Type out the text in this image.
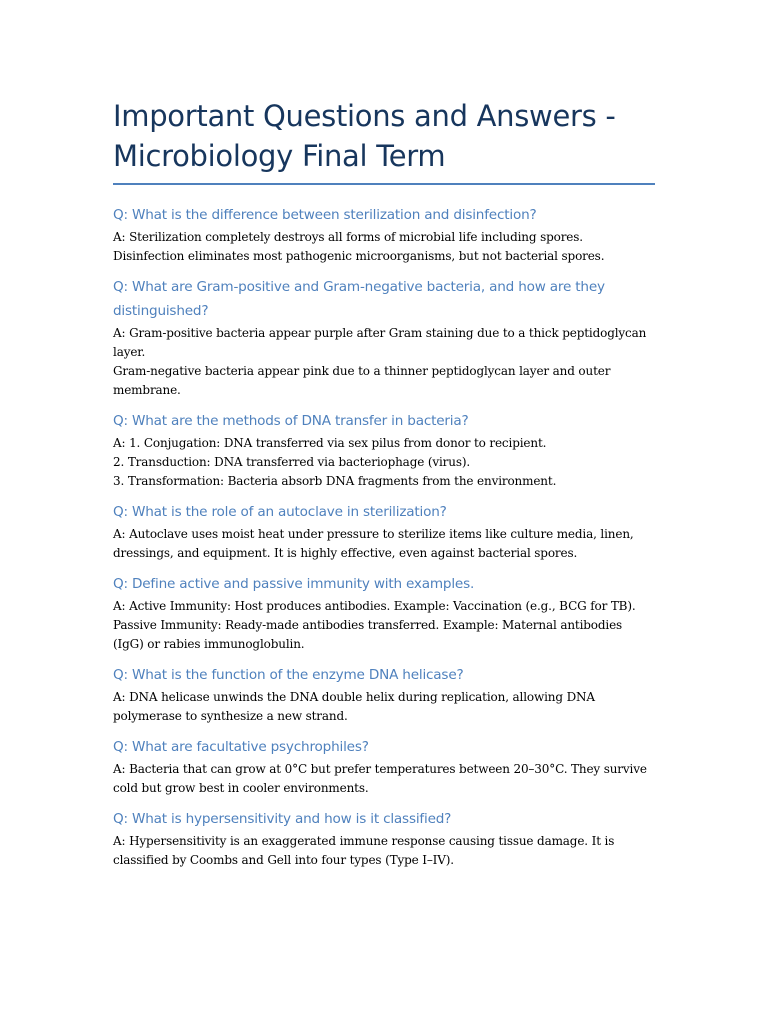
Important Questions and Answers - Microbiology Final Term

Q: What is the difference between sterilization and disinfection?

A: Sterilization completely destroys all forms of microbial life including spores.
Disinfection eliminates most pathogenic microorganisms, but not bacterial spores.

Q: What are Gram-positive and Gram-negative bacteria, and how are they distinguished?

A: Gram-positive bacteria appear purple after Gram staining due to a thick peptidoglycan layer.
Gram-negative bacteria appear pink due to a thinner peptidoglycan layer and outer membrane.

Q: What are the methods of DNA transfer in bacteria?

A: 1. Conjugation: DNA transferred via sex pilus from donor to recipient.
2. Transduction: DNA transferred via bacteriophage (virus).
3. Transformation: Bacteria absorb DNA fragments from the environment.

Q: What is the role of an autoclave in sterilization?

A: Autoclave uses moist heat under pressure to sterilize items like culture media, linen, dressings, and equipment. It is highly effective, even against bacterial spores.

Q: Define active and passive immunity with examples.

A: Active Immunity: Host produces antibodies. Example: Vaccination (e.g., BCG for TB).
Passive Immunity: Ready-made antibodies transferred. Example: Maternal antibodies (IgG) or rabies immunoglobulin.

Q: What is the function of the enzyme DNA helicase?

A: DNA helicase unwinds the DNA double helix during replication, allowing DNA polymerase to synthesize a new strand.

Q: What are facultative psychrophiles?

A: Bacteria that can grow at 0°C but prefer temperatures between 20–30°C. They survive cold but grow best in cooler environments.

Q: What is hypersensitivity and how is it classified?

A: Hypersensitivity is an exaggerated immune response causing tissue damage. It is classified by Coombs and Gell into four types (Type I–IV).
